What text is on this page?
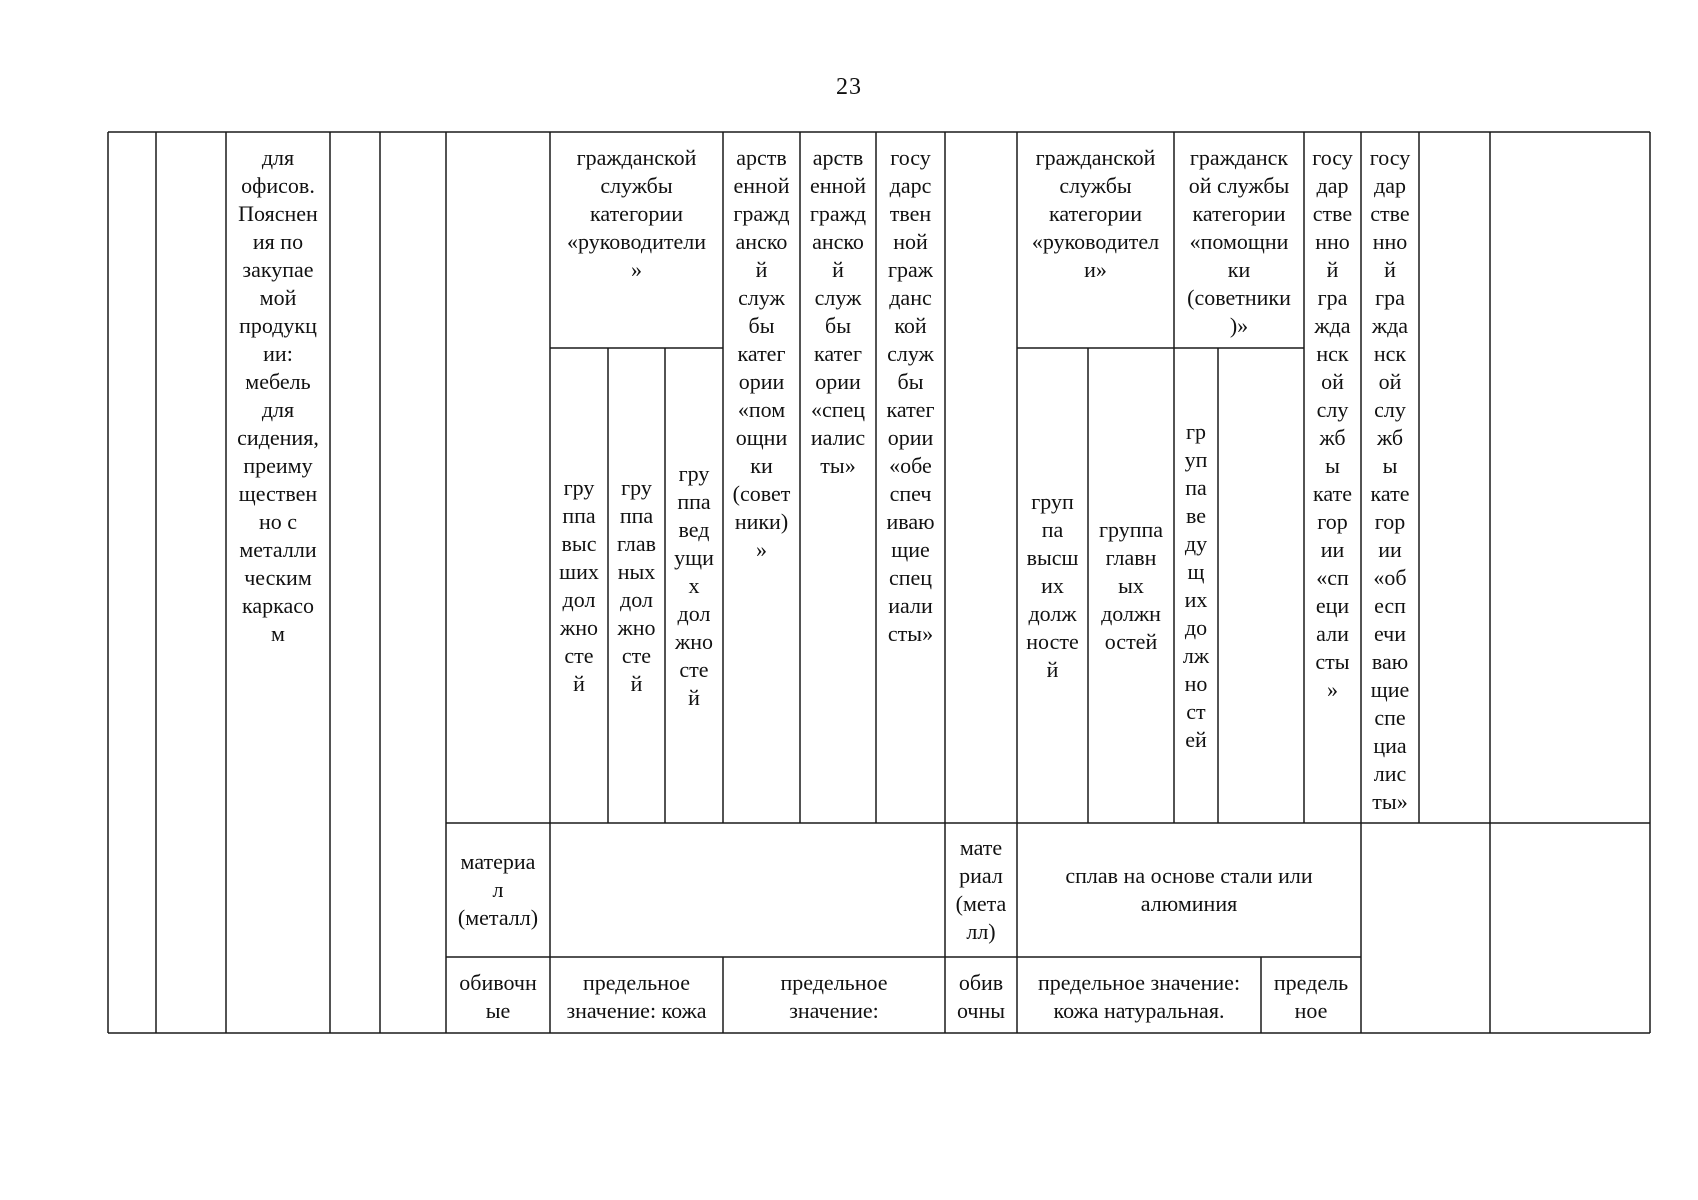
23
для
офисов.
Пояснен
ия по
закупае
мой
продукц
ии:
мебель
для
сидения,
преиму
ществен
но с
металли
ческим
каркасо
м
гражданской
службы
категории
«руководители
»
арств
енной
гражд
анско
й
служ
бы
катег
ории
«пом
ощни
ки
(совет
ники)
»
арств
енной
гражд
анско
й
служ
бы
катег
ории
«спец
иалис
ты»
госу
дарс
твен
ной
граж
данс
кой
служ
бы
катег
ории
«обе
спеч
иваю
щие
спец
иали
сты»
гру
ппа
выс
ших
дол
жно
сте
й
гру
ппа
глав
ных
дол
жно
сте
й
гру
ппа
вед
ущи
х
дол
жно
сте
й
гражданской
службы
категории
«руководител
и»
гражданск
ой службы
категории
«помощни
ки
(советники
)»
госу
дар
стве
нно
й
гра
жда
нск
ой
слу
жб
ы
кате
гор
ии
«сп
еци
али
сты
»
госу
дар
стве
нно
й
гра
жда
нск
ой
слу
жб
ы
кате
гор
ии
«об
есп
ечи
ваю
щие
спе
циа
лис
ты»
груп
па
высш
их
долж
носте
й
группа
главн
ых
должн
остей
гр
уп
па
ве
ду
щ
их
до
лж
но
ст
ей
материа
л
(металл)
мате
риал
(мета
лл)
сплав на основе стали или
алюминия
обивочн
ые
предельное
значение: кожа
предельное
значение:
обив
очны
предельное значение:
кожа натуральная.
предель
ное
